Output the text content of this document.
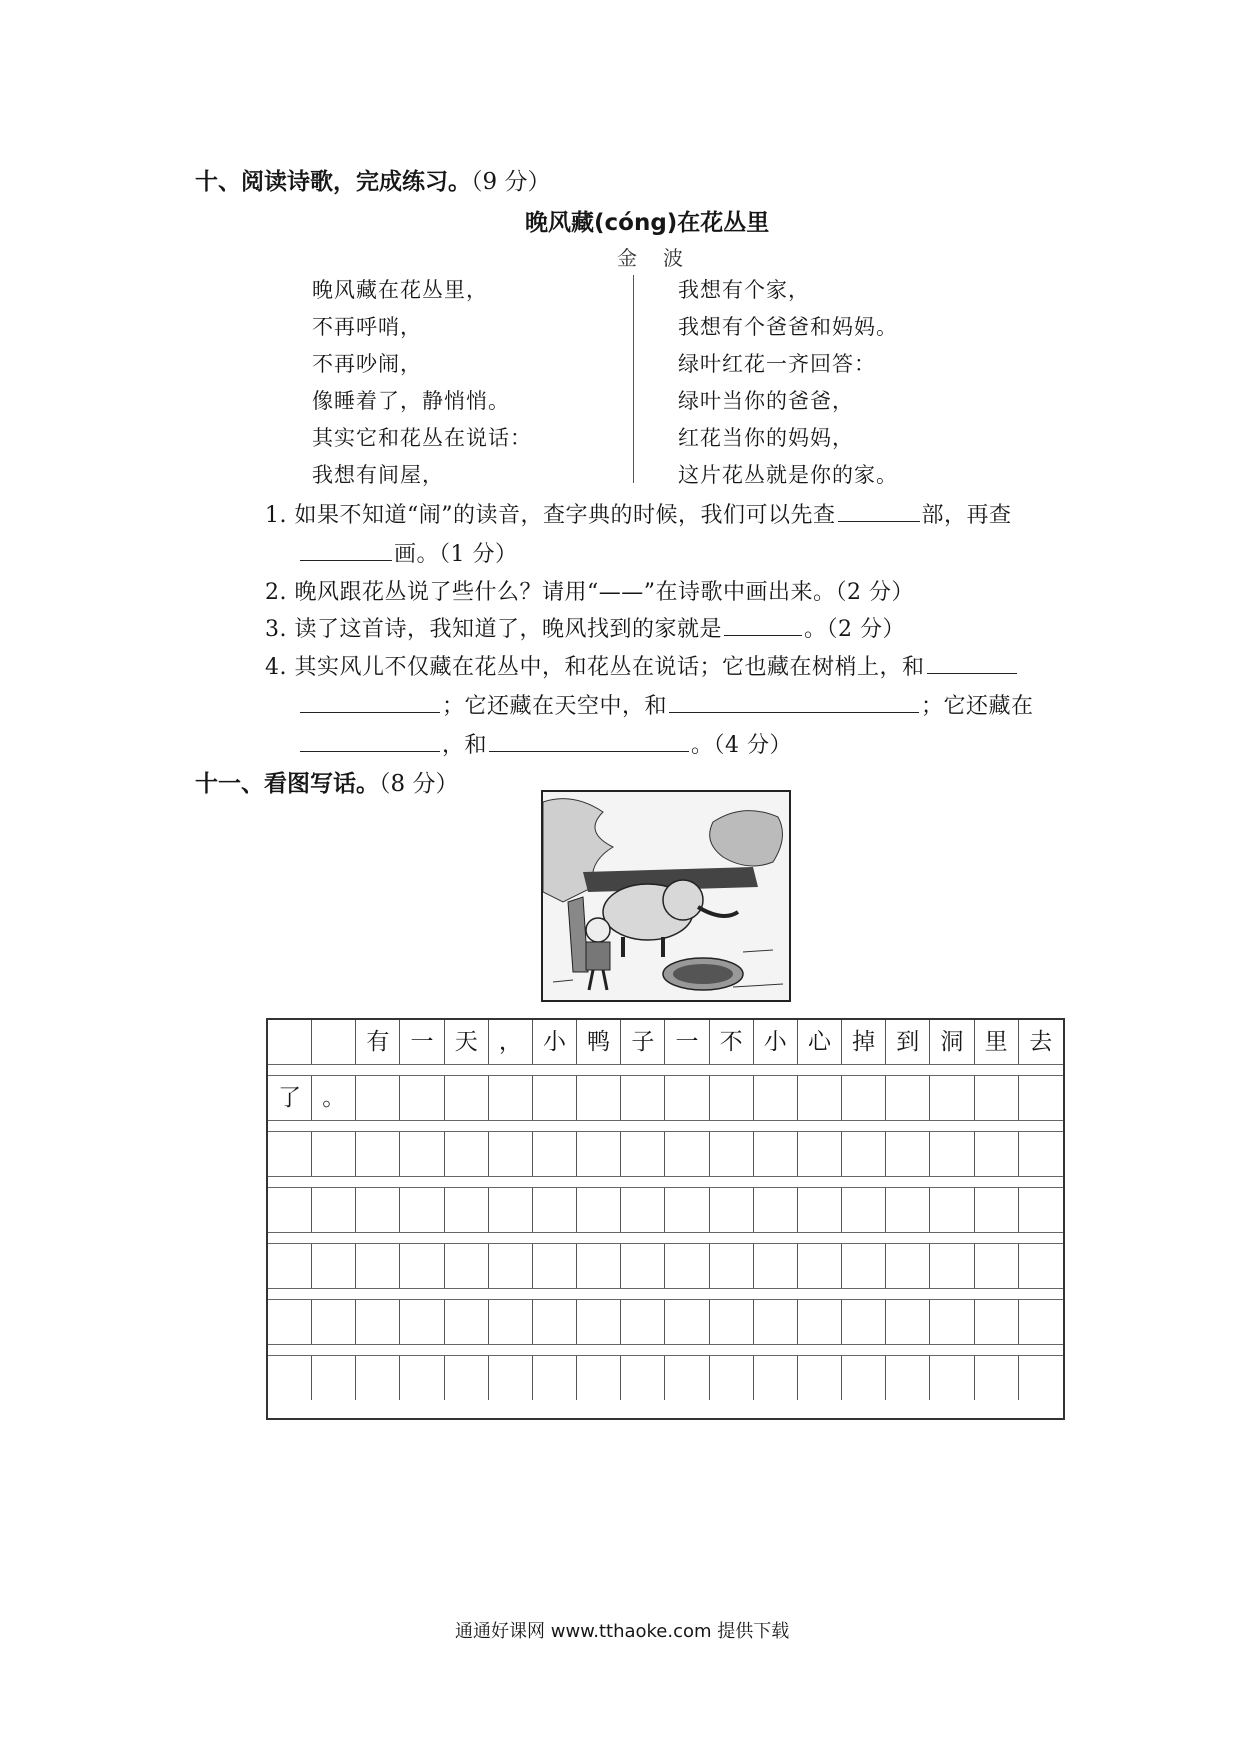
十、阅读诗歌，完成练习。（9 分）
晚风藏(cóng)在花丛里
金波
晚风藏在花丛里，
不再呼哨，
不再吵闹，
像睡着了，静悄悄。
其实它和花丛在说话：
我想有间屋，
我想有个家，
我想有个爸爸和妈妈。
绿叶红花一齐回答：
绿叶当你的爸爸，
红花当你的妈妈，
这片花丛就是你的家。
1. 如果不知道“闹”的读音，查字典的时候，我们可以先查	部，再查
画。（1 分）
2. 晚风跟花丛说了些什么？请用“——”在诗歌中画出来。（2 分）
3. 读了这首诗，我知道了，晚风找到的家就是	。（2 分）
4. 其实风儿不仅藏在花丛中，和花丛在说话；它也藏在树梢上，和
；它还藏在天空中，和	；它还藏在
，和	。（4 分）
十一、看图写话。（8 分）
有 一 天 ， 小 鸭 子 一 不 小 心 掉 到 洞 里 去
了 。
通通好课网 www.tthaoke.com 提供下载
